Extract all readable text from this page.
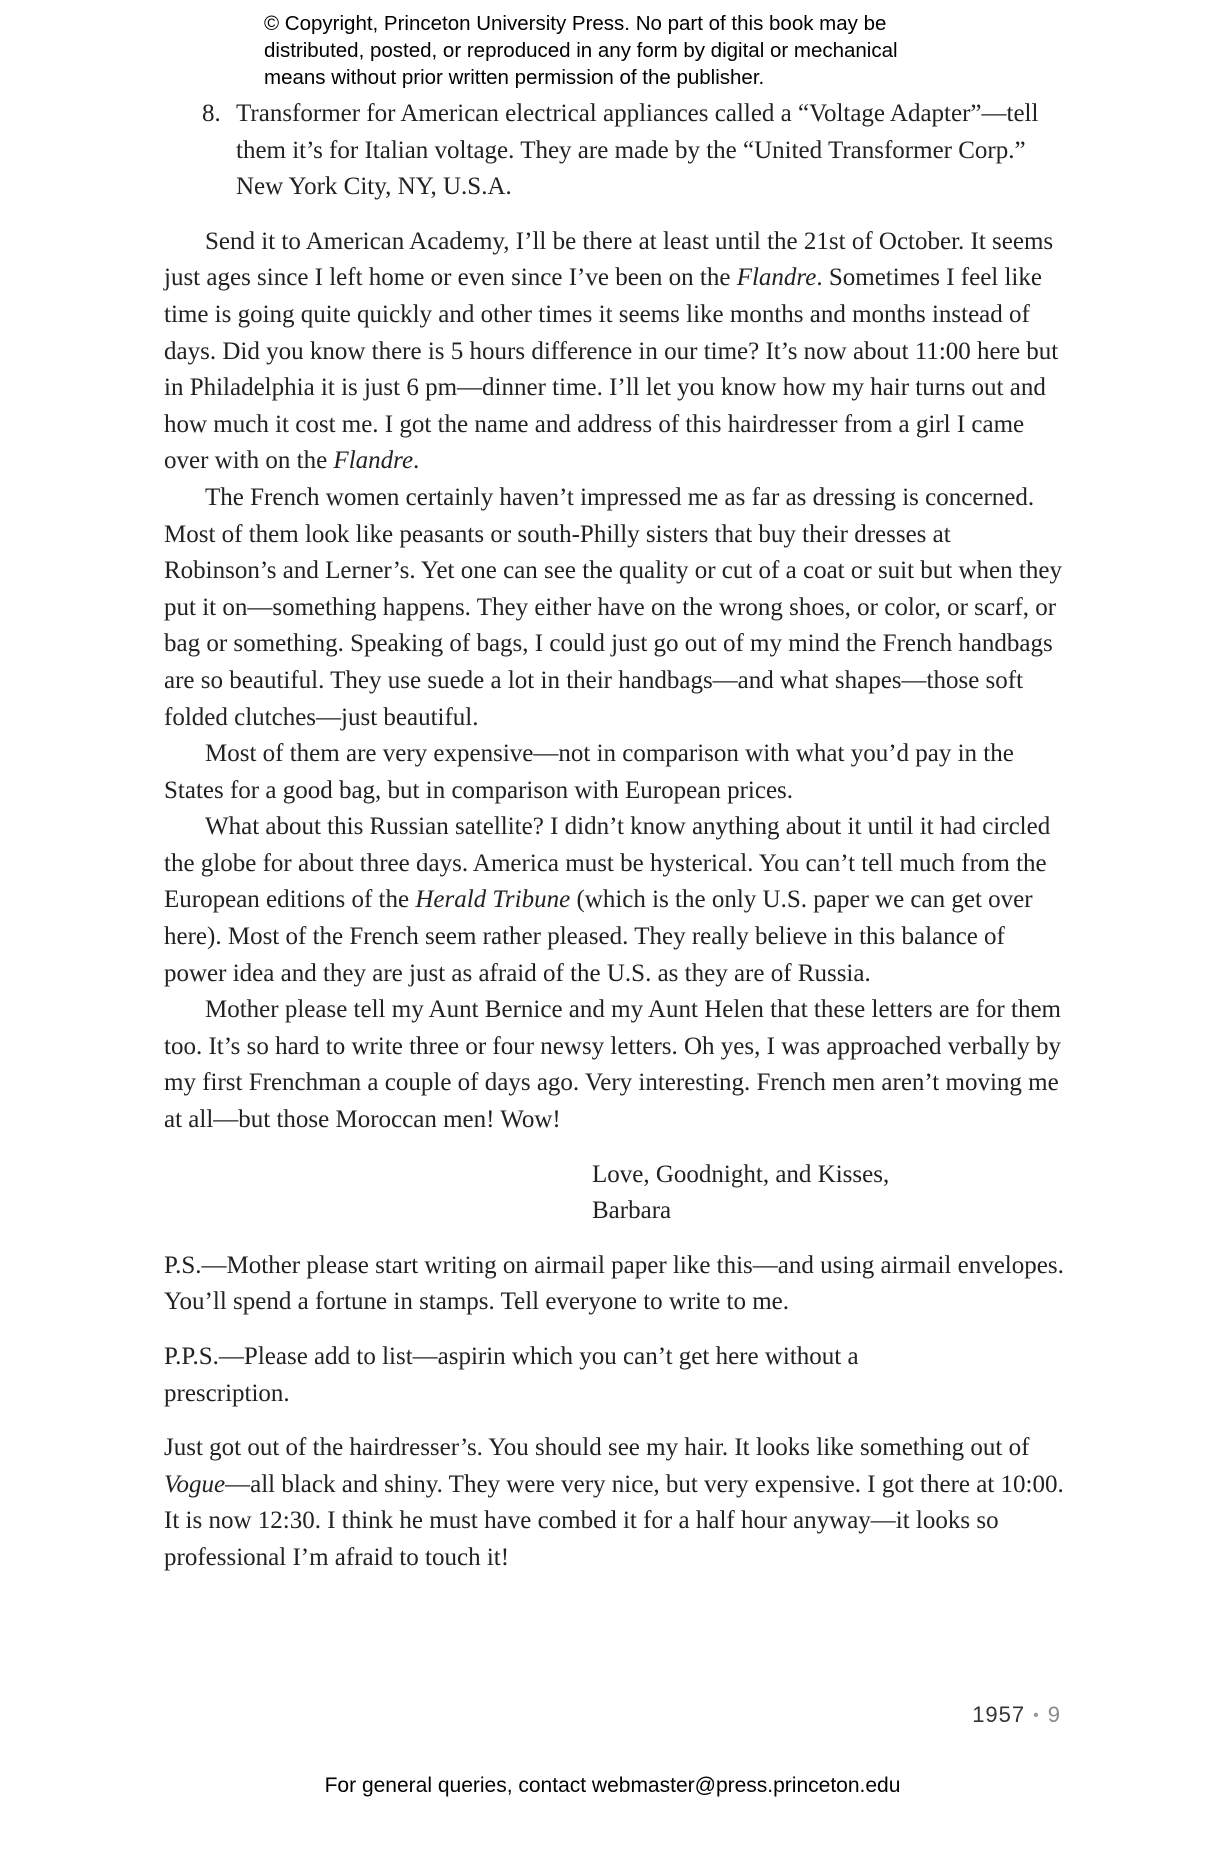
© Copyright, Princeton University Press. No part of this book may be
distributed, posted, or reproduced in any form by digital or mechanical
means without prior written permission of the publisher.
8. Transformer for American electrical appliances called a “Voltage Adapter”—tell them it’s for Italian voltage. They are made by the “United Transformer Corp.” New York City, NY, U.S.A.

Send it to American Academy, I’ll be there at least until the 21st of October. It seems just ages since I left home or even since I’ve been on the Flandre. Sometimes I feel like time is going quite quickly and other times it seems like months and months instead of days. Did you know there is 5 hours difference in our time? It’s now about 11:00 here but in Philadelphia it is just 6 pm—dinner time. I’ll let you know how my hair turns out and how much it cost me. I got the name and address of this hairdresser from a girl I came over with on the Flandre.

The French women certainly haven’t impressed me as far as dressing is concerned. Most of them look like peasants or south-Philly sisters that buy their dresses at Robinson’s and Lerner’s. Yet one can see the quality or cut of a coat or suit but when they put it on—something happens. They either have on the wrong shoes, or color, or scarf, or bag or something. Speaking of bags, I could just go out of my mind the French handbags are so beautiful. They use suede a lot in their handbags—and what shapes—those soft folded clutches—just beautiful.

Most of them are very expensive—not in comparison with what you’d pay in the States for a good bag, but in comparison with European prices.

What about this Russian satellite? I didn’t know anything about it until it had circled the globe for about three days. America must be hysterical. You can’t tell much from the European editions of the Herald Tribune (which is the only U.S. paper we can get over here). Most of the French seem rather pleased. They really believe in this balance of power idea and they are just as afraid of the U.S. as they are of Russia.

Mother please tell my Aunt Bernice and my Aunt Helen that these letters are for them too. It’s so hard to write three or four newsy letters. Oh yes, I was approached verbally by my first Frenchman a couple of days ago. Very interesting. French men aren’t moving me at all—but those Moroccan men! Wow!

Love, Goodnight, and Kisses,
Barbara

P.S.—Mother please start writing on airmail paper like this—and using airmail envelopes. You’ll spend a fortune in stamps. Tell everyone to write to me.

P.P.S.—Please add to list—aspirin which you can’t get here without a prescription.

Just got out of the hairdresser’s. You should see my hair. It looks like something out of Vogue—all black and shiny. They were very nice, but very expensive. I got there at 10:00. It is now 12:30. I think he must have combed it for a half hour anyway—it looks so professional I’m afraid to touch it!

1957 • 9
For general queries, contact webmaster@press.princeton.edu
